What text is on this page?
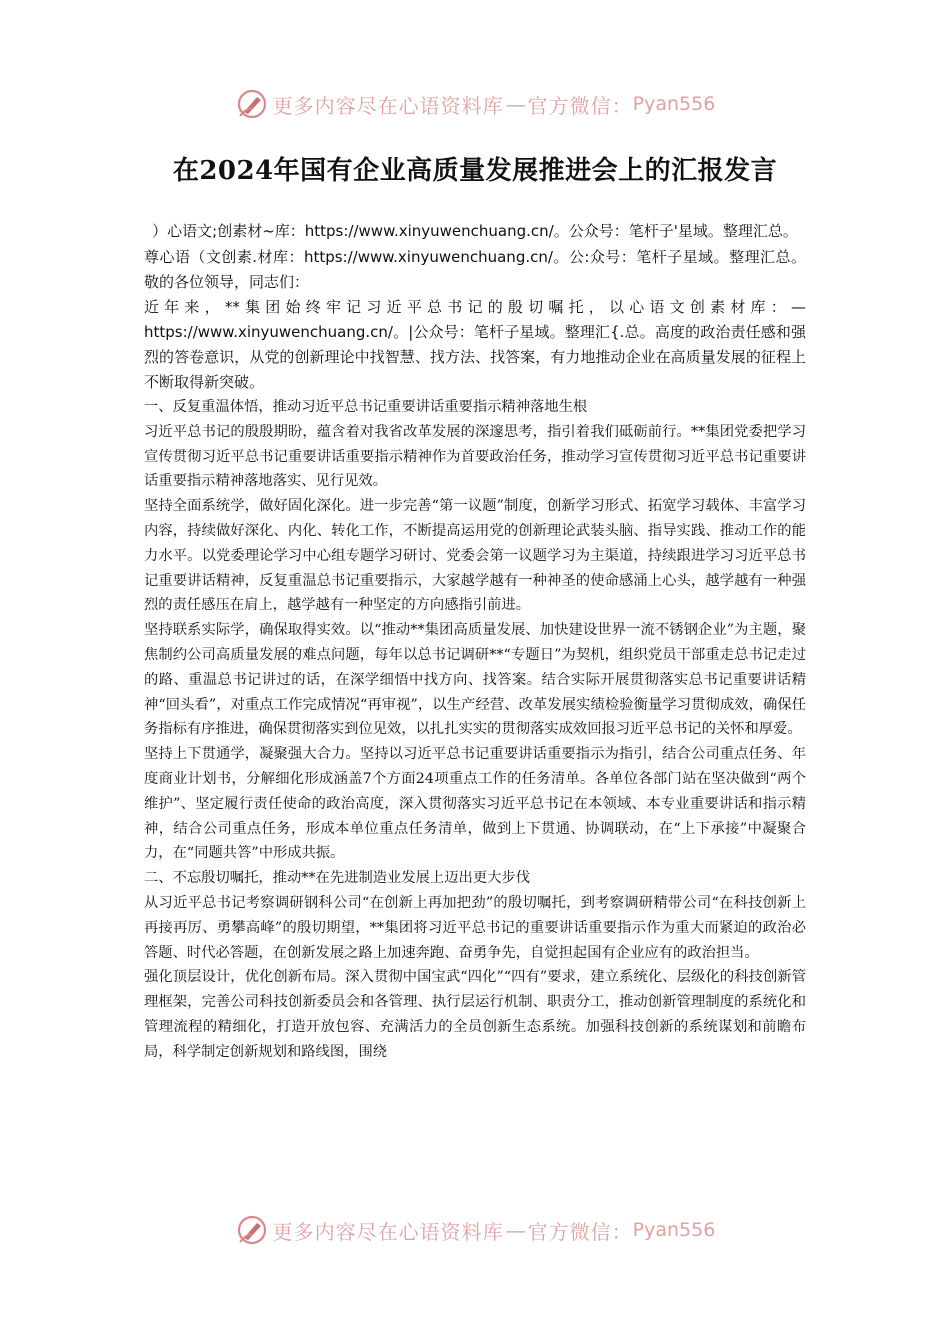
更多内容尽在心语资料库 — 官方微信： Pyan556
在2024年国有企业高质量发展推进会上的汇报发言

）心语文;创素材~库：https://www.xinyuwenchuang.cn/。公众号：笔杆子'星域。整理汇总。

尊心语（文创素.材库：https://www.xinyuwenchuang.cn/。公:众号：笔杆子星域。整理汇总。敬的各位领导，同志们：

近年来，**集团始终牢记习近平总书记的殷切嘱托，以心语文创素材库：—https://www.xinyuwenchuang.cn/。|公众号：笔杆子星域。整理汇{.总。高度的政治责任感和强烈的答卷意识，从党的创新理论中找智慧、找方法、找答案，有力地推动企业在高质量发展的征程上不断取得新突破。

一、反复重温体悟，推动习近平总书记重要讲话重要指示精神落地生根

习近平总书记的殷殷期盼，蕴含着对我省改革发展的深邃思考，指引着我们砥砺前行。**集团党委把学习宣传贯彻习近平总书记重要讲话重要指示精神作为首要政治任务，推动学习宣传贯彻习近平总书记重要讲话重要指示精神落地落实、见行见效。

坚持全面系统学，做好固化深化。进一步完善“第一议题”制度，创新学习形式、拓宽学习载体、丰富学习内容，持续做好深化、内化、转化工作，不断提高运用党的创新理论武装头脑、指导实践、推动工作的能力水平。以党委理论学习中心组专题学习研讨、党委会第一议题学习为主渠道，持续跟进学习习近平总书记重要讲话精神，反复重温总书记重要指示，大家越学越有一种神圣的使命感涌上心头，越学越有一种强烈的责任感压在肩上，越学越有一种坚定的方向感指引前进。

坚持联系实际学，确保取得实效。以“推动**集团高质量发展、加快建设世界一流不锈钢企业”为主题，聚焦制约公司高质量发展的难点问题，每年以总书记调研**“专题日”为契机，组织党员干部重走总书记走过的路、重温总书记讲过的话，在深学细悟中找方向、找答案。结合实际开展贯彻落实总书记重要讲话精神“回头看”，对重点工作完成情况“再审视”，以生产经营、改革发展实绩检验衡量学习贯彻成效，确保任务指标有序推进，确保贯彻落实到位见效，以扎扎实实的贯彻落实成效回报习近平总书记的关怀和厚爱。

坚持上下贯通学，凝聚强大合力。坚持以习近平总书记重要讲话重要指示为指引，结合公司重点任务、年度商业计划书，分解细化形成涵盖7个方面24项重点工作的任务清单。各单位各部门站在坚决做到“两个维护”、坚定履行责任使命的政治高度，深入贯彻落实习近平总书记在本领域、本专业重要讲话和指示精神，结合公司重点任务，形成本单位重点任务清单，做到上下贯通、协调联动，在“上下承接”中凝聚合力，在“同题共答”中形成共振。

二、不忘殷切嘱托，推动**在先进制造业发展上迈出更大步伐

从习近平总书记考察调研钢科公司“在创新上再加把劲”的殷切嘱托，到考察调研精带公司“在科技创新上再接再厉、勇攀高峰”的殷切期望，**集团将习近平总书记的重要讲话重要指示作为重大而紧迫的政治必答题、时代必答题，在创新发展之路上加速奔跑、奋勇争先，自觉担起国有企业应有的政治担当。

强化顶层设计，优化创新布局。深入贯彻中国宝武“四化”“四有”要求，建立系统化、层级化的科技创新管理框架，完善公司科技创新委员会和各管理、执行层运行机制、职责分工，推动创新管理制度的系统化和管理流程的精细化，打造开放包容、充满活力的全员创新生态系统。加强科技创新的系统谋划和前瞻布局，科学制定创新规划和路线图，围绕

更多内容尽在心语资料库 — 官方微信： Pyan556
